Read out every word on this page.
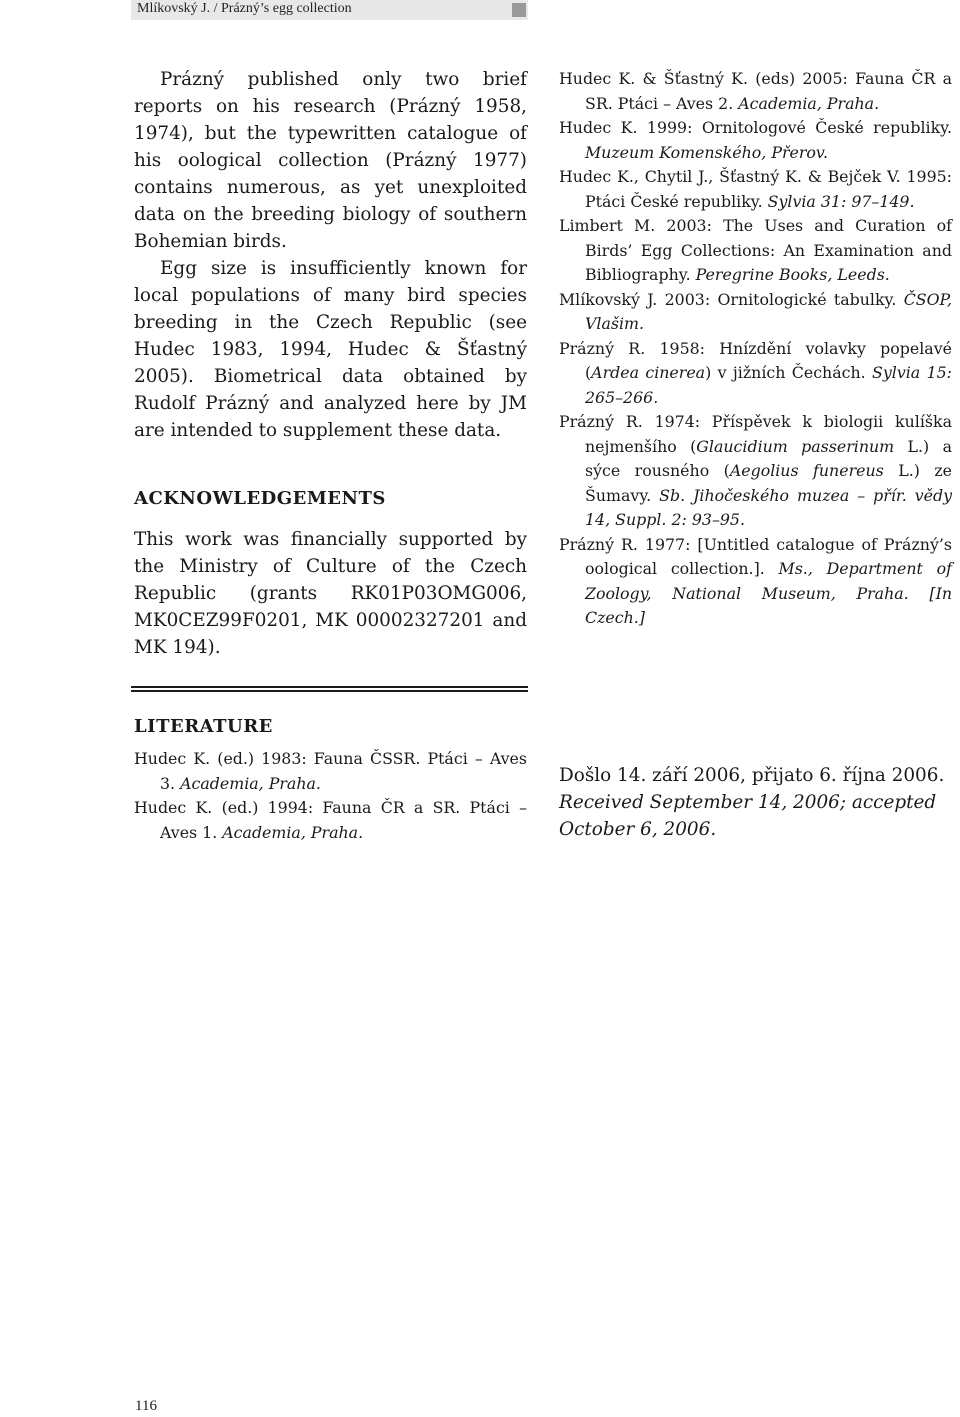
Mlíkovský J. / Prázný’s egg collection

Prázný published only two brief reports on his research (Prázný 1958, 1974), but the typewritten catalogue of his oological collection (Prázný 1977) contains numerous, as yet unexploited data on the breeding biology of southern Bohemian birds.

Egg size is insufficiently known for local populations of many bird species breeding in the Czech Republic (see Hudec 1983, 1994, Hudec & Šťastný 2005). Biometrical data obtained by Rudolf Prázný and analyzed here by JM are intended to supplement these data.

ACKNOWLEDGEMENTS

This work was financially supported by the Ministry of Culture of the Czech Republic (grants RK01P03OMG006, MK0CEZ99F0201, MK 00002327201 and MK 194).

LITERATURE

Hudec K. (ed.) 1983: Fauna ČSSR. Ptáci – Aves 3. Academia, Praha.

Hudec K. (ed.) 1994: Fauna ČR a SR. Ptáci – Aves 1. Academia, Praha.

Hudec K. & Šťastný K. (eds) 2005: Fauna ČR a SR. Ptáci – Aves 2. Academia, Praha.

Hudec K. 1999: Ornitologové České republiky. Muzeum Komenského, Přerov.

Hudec K., Chytil J., Šťastný K. & Bejček V. 1995: Ptáci České republiky. Sylvia 31: 97–149.

Limbert M. 2003: The Uses and Curation of Birds’ Egg Collections: An Examination and Bibliography. Peregrine Books, Leeds.

Mlíkovský J. 2003: Ornitologické tabulky. ČSOP, Vlašim.

Prázný R. 1958: Hnízdění volavky popelavé (Ardea cinerea) v jižních Čechách. Sylvia 15: 265–266.

Prázný R. 1974: Příspěvek k biologii kulíška nejmenšího (Glaucidium passerinum L.) a sýce rousného (Aegolius funereus L.) ze Šumavy. Sb. Jihočeského muzea – přír. vědy 14, Suppl. 2: 93–95.

Prázný R. 1977: [Untitled catalogue of Prázný’s oological collection.]. Ms., Department of Zoology, National Museum, Praha. [In Czech.]

Došlo 14. září 2006, přijato 6. října 2006.

Received September 14, 2006; accepted October 6, 2006.

116
